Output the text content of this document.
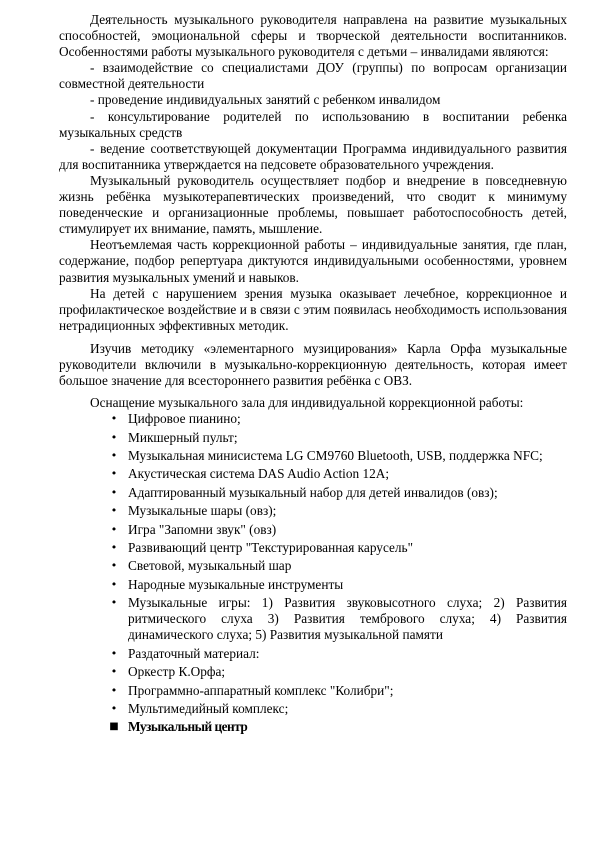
Деятельность музыкального руководителя направлена на развитие музыкальных способностей, эмоциональной сферы и творческой деятельности воспитанников. Особенностями работы музыкального руководителя с детьми – инвалидами являются:

- взаимодействие со специалистами ДОУ (группы) по вопросам организации совместной деятельности

- проведение индивидуальных занятий с ребенком инвалидом

- консультирование родителей по использованию в воспитании ребенка музыкальных средств

- ведение соответствующей документации Программа индивидуального развития для воспитанника утверждается на педсовете образовательного учреждения.

Музыкальный руководитель осуществляет подбор и внедрение в повседневную жизнь ребёнка музыкотерапевтических произведений, что сводит к минимуму поведенческие и организационные проблемы, повышает работоспособность детей, стимулирует их внимание, память, мышление.

Неотъемлемая часть коррекционной работы – индивидуальные занятия, где план, содержание, подбор репертуара диктуются индивидуальными особенностями, уровнем развития музыкальных умений и навыков.

На детей с нарушением зрения музыка оказывает лечебное, коррекционное и профилактическое воздействие и в связи с этим появилась необходимость использования нетрадиционных эффективных методик.

Изучив методику «элементарного музицирования» Карла Орфа музыкальные руководители включили в музыкально-коррекционную деятельность, которая имеет большое значение для всестороннего развития ребёнка с ОВЗ.

Оснащение музыкального зала для индивидуальной коррекционной работы:

• Цифровое пианино;
• Микшерный пульт;
• Музыкальная минисистема LG CM9760 Bluetooth, USB, поддержка NFC;
• Акустическая система DAS Audio Action 12A;
• Адаптированный музыкальный набор для детей инвалидов (овз);
• Музыкальные шары (овз);
• Игра "Запомни звук" (овз)
• Развивающий центр "Текстурированная карусель"
• Световой, музыкальный шар
• Народные музыкальные инструменты
• Музыкальные игры: 1) Развития звуковысотного слуха; 2) Развития ритмического слуха 3) Развития тембрового слуха; 4) Развития динамического слуха; 5) Развития музыкальной памяти
• Раздаточный материал:
• Оркестр К.Орфа;
• Программно-аппаратный комплекс "Колибри";
• Мультимедийный комплекс;
■ Музыкальный центр
